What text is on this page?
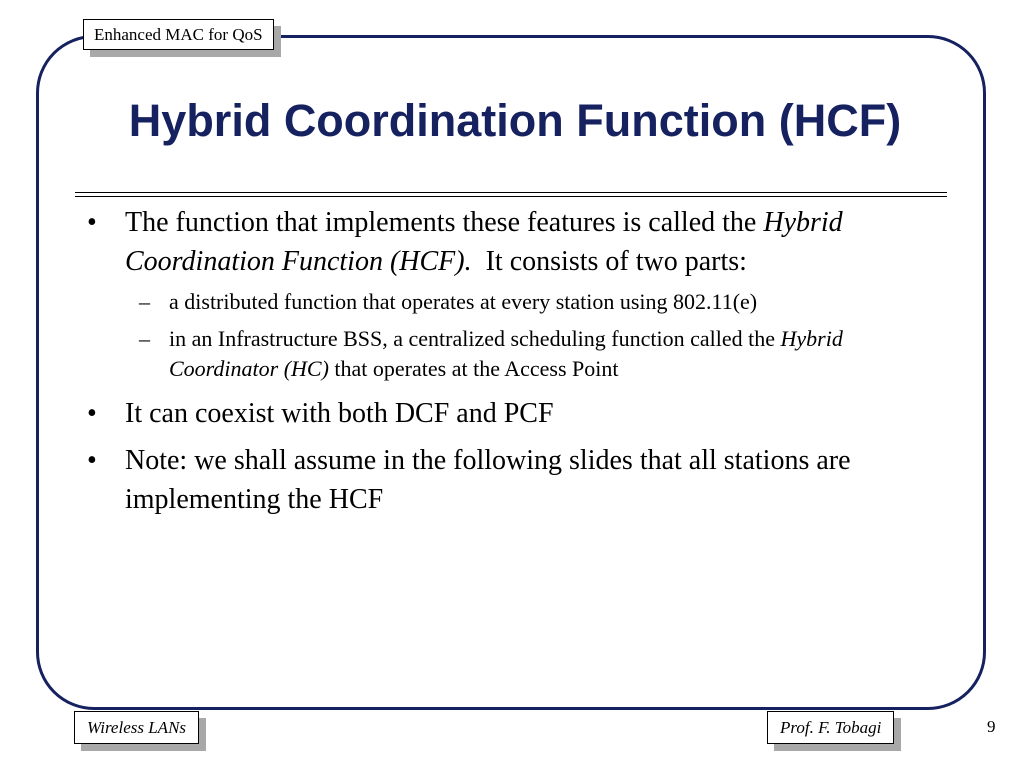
Enhanced MAC for QoS
Hybrid Coordination Function (HCF)
• The function that implements these features is called the Hybrid Coordination Function (HCF). It consists of two parts:
– a distributed function that operates at every station using 802.11(e)
– in an Infrastructure BSS, a centralized scheduling function called the Hybrid Coordinator (HC) that operates at the Access Point
• It can coexist with both DCF and PCF
• Note: we shall assume in the following slides that all stations are implementing the HCF
Wireless LANs	Prof. F. Tobagi	9
